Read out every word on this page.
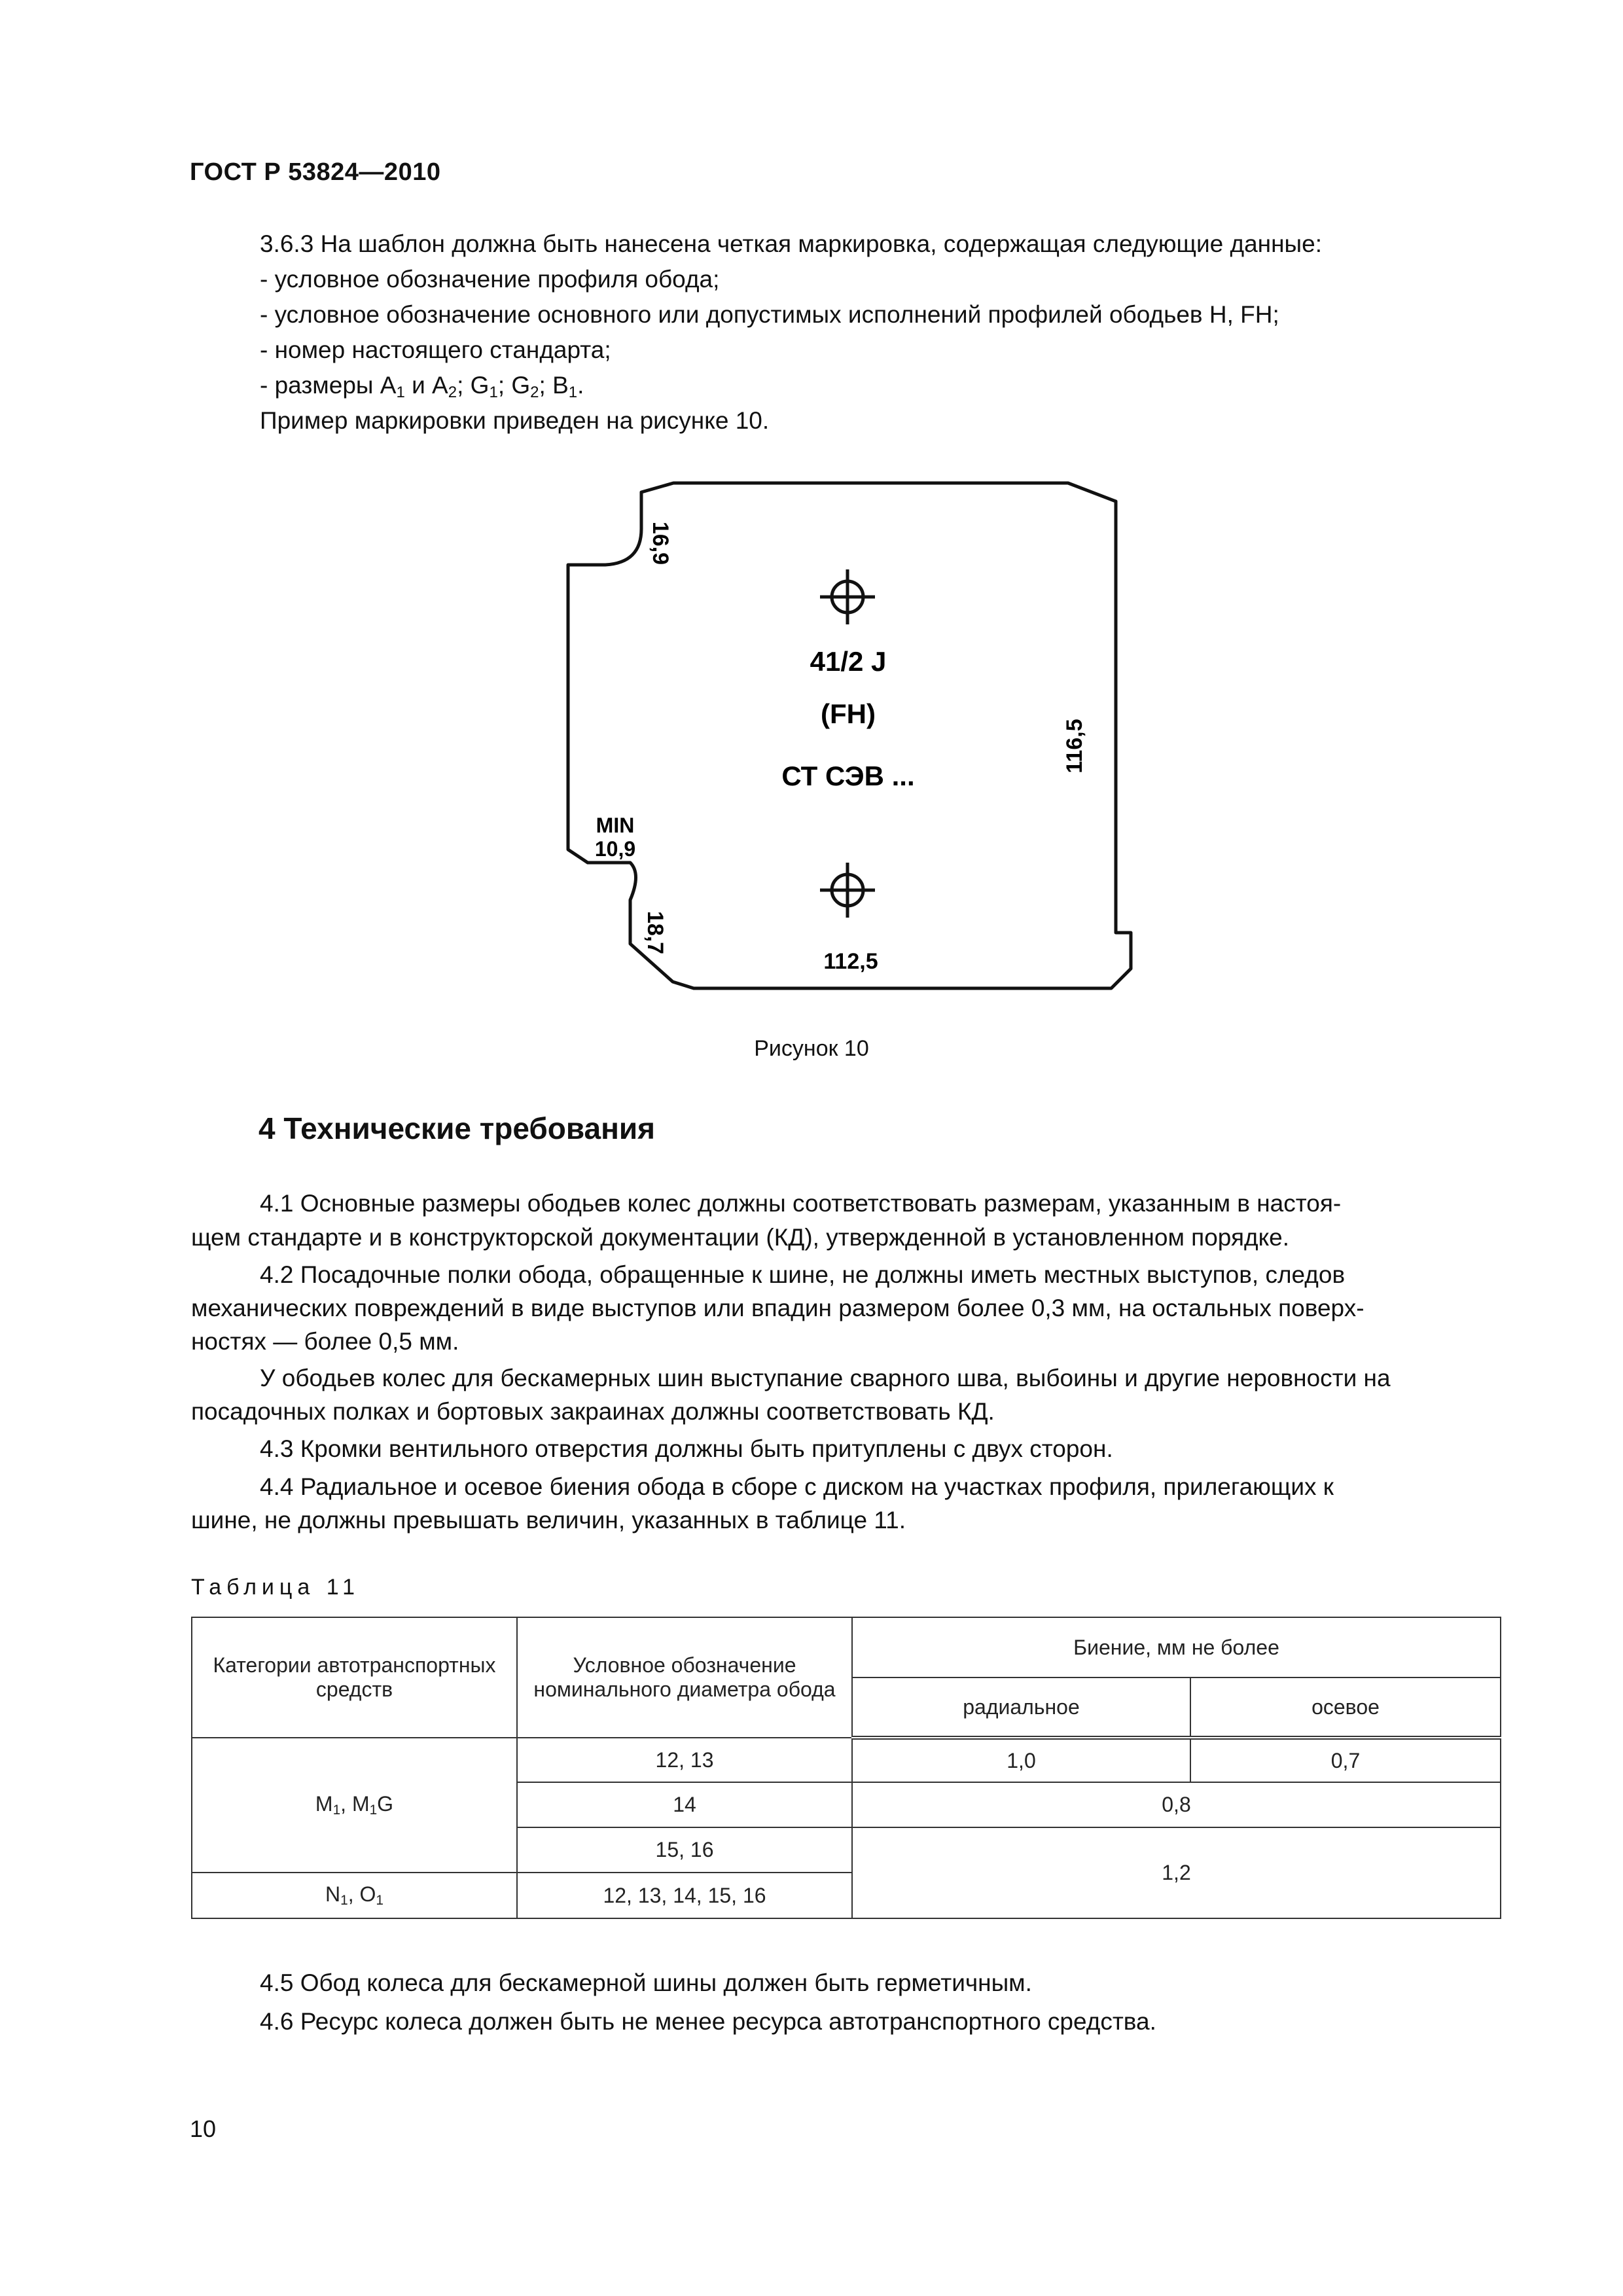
ГОСТ Р 53824—2010
3.6.3 На шаблон должна быть нанесена четкая маркировка, содержащая следующие данные:
- условное обозначение профиля обода;
- условное обозначение основного или допустимых исполнений профилей ободьев H, FH;
- номер настоящего стандарта;
- размеры $A_1$ и $A_2$; $G_1$; $G_2$; $B_1$.
Пример маркировки приведен на рисунке 10.
16,9
41/2 J
(FH)
СТ СЭВ ...
116,5
MIN
10,9
18,7
112,5
Рисунок 10
4 Технические требования
4.1 Основные размеры ободьев колес должны соответствовать размерам, указанным в настоя-
щем стандарте и в конструкторской документации (КД), утвержденной в установленном порядке.
4.2 Посадочные полки обода, обращенные к шине, не должны иметь местных выступов, следов
механических повреждений в виде выступов или впадин размером более 0,3 мм, на остальных поверх-
ностях — более 0,5 мм.
У ободьев колес для бескамерных шин выступание сварного шва, выбоины и другие неровности на
посадочных полках и бортовых закраинах должны соответствовать КД.
4.3 Кромки вентильного отверстия должны быть притуплены с двух сторон.
4.4 Радиальное и осевое биения обода в сборе с диском на участках профиля, прилегающих к
шине, не должны превышать величин, указанных в таблице 11.
Таблица 11
Категории автотранспортных средств	Условное обозначение номинального диаметра обода	Биение, мм не более	
		радиальное	осевое
$M_1$, $M_1G$	12, 13	1,0	0,7
	14	0,8	
	15, 16	1,2	
$N_1$, $O_1$	12, 13, 14, 15, 16		
4.5 Обод колеса для бескамерной шины должен быть герметичным.
4.6 Ресурс колеса должен быть не менее ресурса автотранспортного средства.
10
